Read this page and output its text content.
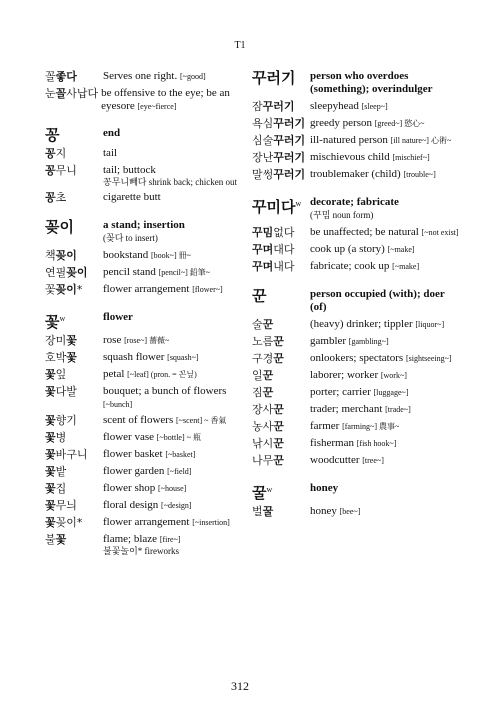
T1
꼴좋다	Serves one right. [~good]
눈꼴사납다 be offensive to the eye; be an eyesore [eye~fierce]
꽁	end
꽁지	tail
꽁무니	tail; buttock
꽁무니빼다 shrink back; chicken out
꽁초	cigarette butt
꽂이	a stand; insertion
(꽂다 to insert)
책꽂이	bookstand [book~] 冊~
연필꽂이	pencil stand [pencil~] 鉛筆~
꽃꽂이*	flower arrangement [flower~]
꽃$^w$	flower
장미꽃	rose [rose~] 薔薇~
호박꽃	squash flower [squash~]
꽃잎	petal [~leaf] (pron. = 꼰닢)
꽃다발	bouquet; a bunch of flowers [~bunch]
꽃향기	scent of flowers [~scent] ~ 香氣
꽃병	flower vase [~bottle] ~ 瓶
꽃바구니	flower basket [~basket]
꽃밭	flower garden [~field]
꽃집	flower shop [~house]
꽃무늬	floral design [~design]
꽃꽂이*	flower arrangement [~insertion]
불꽃	flame; blaze [fire~]
불꽃놀이* fireworks
꾸러기	person who overdoes (something); overindulger
잠꾸러기	sleepyhead [sleep~]
욕심꾸러기 greedy person [greed~] 慾心~
심술꾸러기 ill-natured person [ill nature~] 心術~
장난꾸러기 mischievous child [mischief~]
말썽꾸러기 troublemaker (child) [trouble~]
꾸미다$^w$ decorate; fabricate
(꾸밈 noun form)
꾸밈없다	be unaffected; be natural [~not exist]
꾸며대다	cook up (a story) [~make]
꾸며내다	fabricate; cook up [~make]
꾼	person occupied (with); doer (of)
술꾼	(heavy) drinker; tippler [liquor~]
노름꾼	gambler [gambling~]
구경꾼	onlookers; spectators [sightseeing~]
일꾼	laborer; worker [work~]
짐꾼	porter; carrier [luggage~]
장사꾼	trader; merchant [trade~]
농사꾼	farmer [farming~] 農事~
낚시꾼	fisherman [fish hook~]
나무꾼	woodcutter [tree~]
꿀$^w$	honey
벌꿀	honey [bee~]
312
